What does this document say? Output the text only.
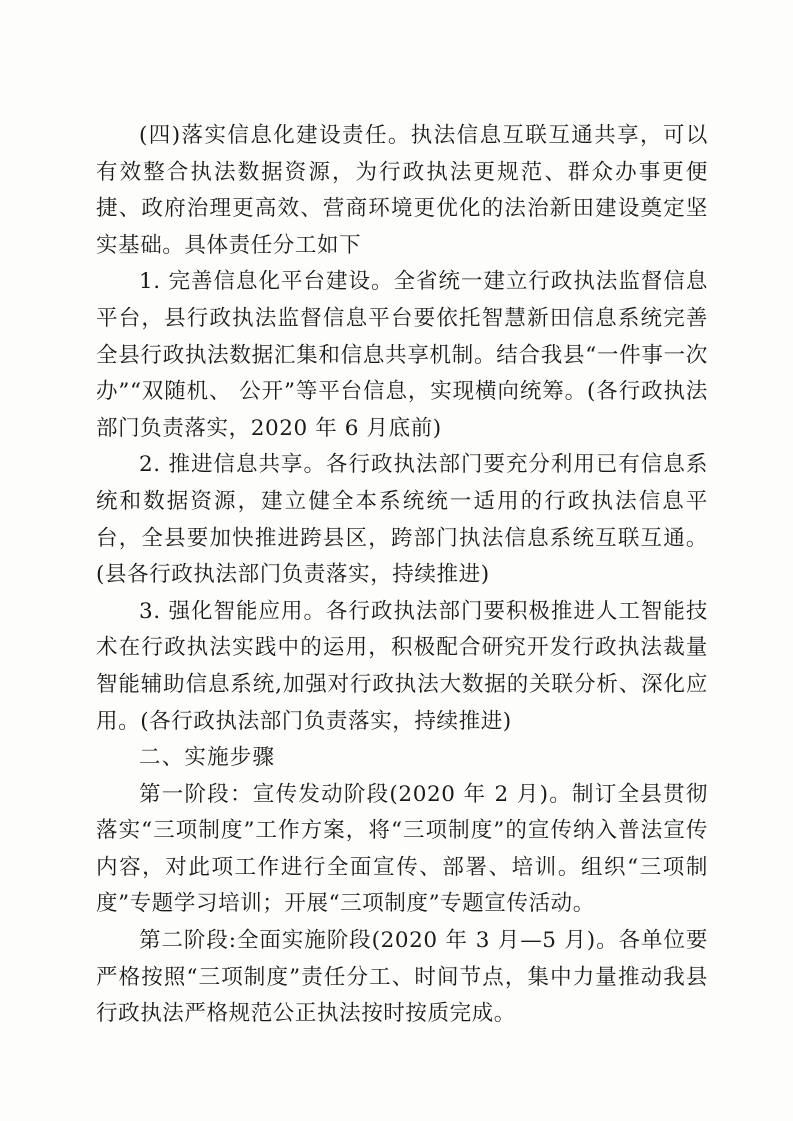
(四)落实信息化建设责任。执法信息互联互通共享，可以有效整合执法数据资源，为行政执法更规范、群众办事更便捷、政府治理更高效、营商环境更优化的法治新田建设奠定坚实基础。具体责任分工如下

1. 完善信息化平台建设。全省统一建立行政执法监督信息平台，县行政执法监督信息平台要依托智慧新田信息系统完善全县行政执法数据汇集和信息共享机制。结合我县“一件事一次办”“双随机、 公开”等平台信息，实现横向统筹。(各行政执法部门负责落实，2020 年 6 月底前)

2. 推进信息共享。各行政执法部门要充分利用已有信息系统和数据资源，建立健全本系统统一适用的行政执法信息平台，全县要加快推进跨县区，跨部门执法信息系统互联互通。 (县各行政执法部门负责落实，持续推进)

3. 强化智能应用。各行政执法部门要积极推进人工智能技术在行政执法实践中的运用，积极配合研究开发行政执法裁量智能辅助信息系统,加强对行政执法大数据的关联分析、深化应用。(各行政执法部门负责落实，持续推进)

二、实施步骤

第一阶段：宣传发动阶段(2020 年 2 月)。制订全县贯彻落实“三项制度”工作方案，将“三项制度”的宣传纳入普法宣传内容，对此项工作进行全面宣传、部署、培训。组织“三项制度”专题学习培训；开展“三项制度”专题宣传活动。

第二阶段:全面实施阶段(2020 年 3 月—5 月)。各单位要严格按照“三项制度”责任分工、时间节点，集中力量推动我县行政执法严格规范公正执法按时按质完成。
